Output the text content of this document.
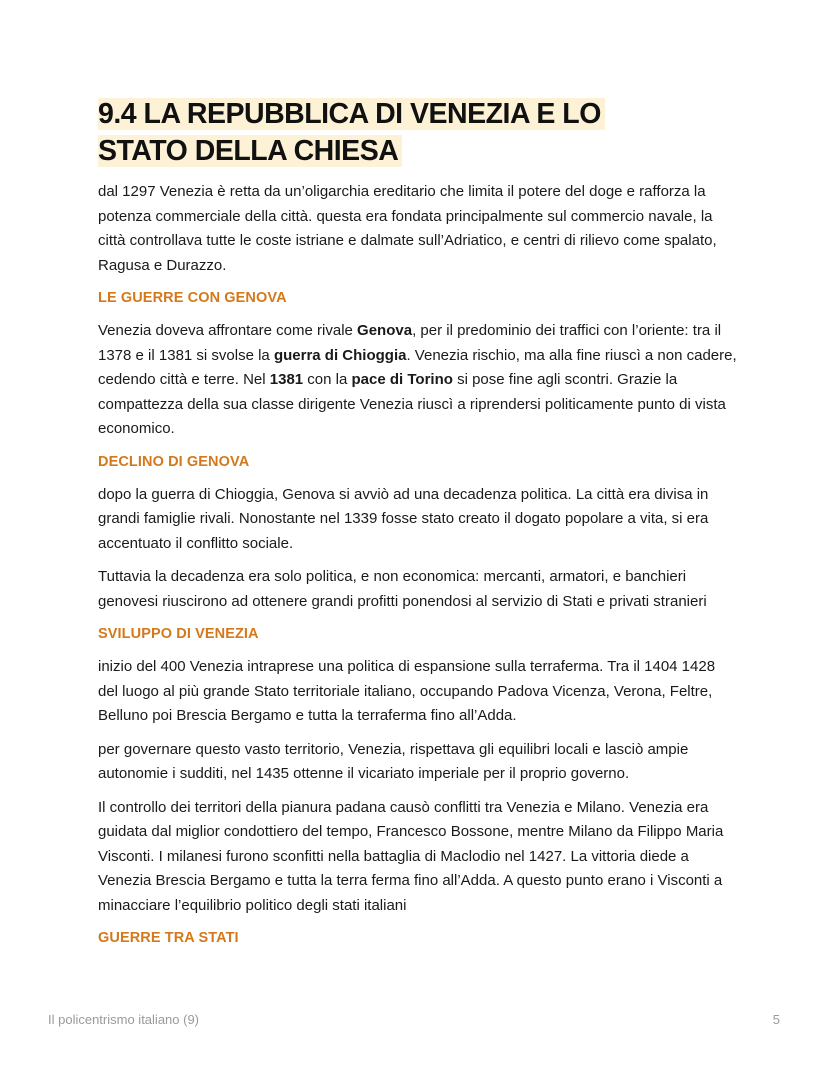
9.4 LA REPUBBLICA DI VENEZIA E LO
STATO DELLA CHIESA

dal 1297 Venezia è retta da un’oligarchia ereditario che limita il potere del doge e rafforza la potenza commerciale della città. questa era fondata principalmente sul commercio navale, la città controllava tutte le coste istriane e dalmate sull’Adriatico, e centri di rilievo come spalato, Ragusa e Durazzo.

LE GUERRE CON GENOVA

Venezia doveva affrontare come rivale Genova, per il predominio dei traffici con l’oriente: tra il 1378 e il 1381 si svolse la guerra di Chioggia. Venezia rischio, ma alla fine riuscì a non cadere, cedendo città e terre. Nel 1381 con la pace di Torino si pose fine agli scontri. Grazie la compattezza della sua classe dirigente Venezia riuscì a riprendersi politicamente punto di vista economico.

DECLINO DI GENOVA

dopo la guerra di Chioggia, Genova si avviò ad una decadenza politica. La città era divisa in grandi famiglie rivali. Nonostante nel 1339 fosse stato creato il dogato popolare a vita, si era accentuato il conflitto sociale.

Tuttavia la decadenza era solo politica, e non economica: mercanti, armatori, e banchieri genovesi riuscirono ad ottenere grandi profitti ponendosi al servizio di Stati e privati stranieri

SVILUPPO DI VENEZIA

inizio del 400 Venezia intraprese una politica di espansione sulla terraferma. Tra il 1404 1428 del luogo al più grande Stato territoriale italiano, occupando Padova Vicenza, Verona, Feltre, Belluno poi Brescia Bergamo e tutta la terraferma fino all’Adda.

per governare questo vasto territorio, Venezia, rispettava gli equilibri locali e lasciò ampie autonomie i sudditi, nel 1435 ottenne il vicariato imperiale per il proprio governo.

Il controllo dei territori della pianura padana causò conflitti tra Venezia e Milano. Venezia era guidata dal miglior condottiero del tempo, Francesco Bossone, mentre Milano da Filippo Maria Visconti. I milanesi furono sconfitti nella battaglia di Maclodio nel 1427. La vittoria diede a Venezia Brescia Bergamo e tutta la terra ferma fino all’Adda. A questo punto erano i Visconti a minacciare l’equilibrio politico degli stati italiani

GUERRE TRA STATI
Il policentrismo italiano (9)	5
